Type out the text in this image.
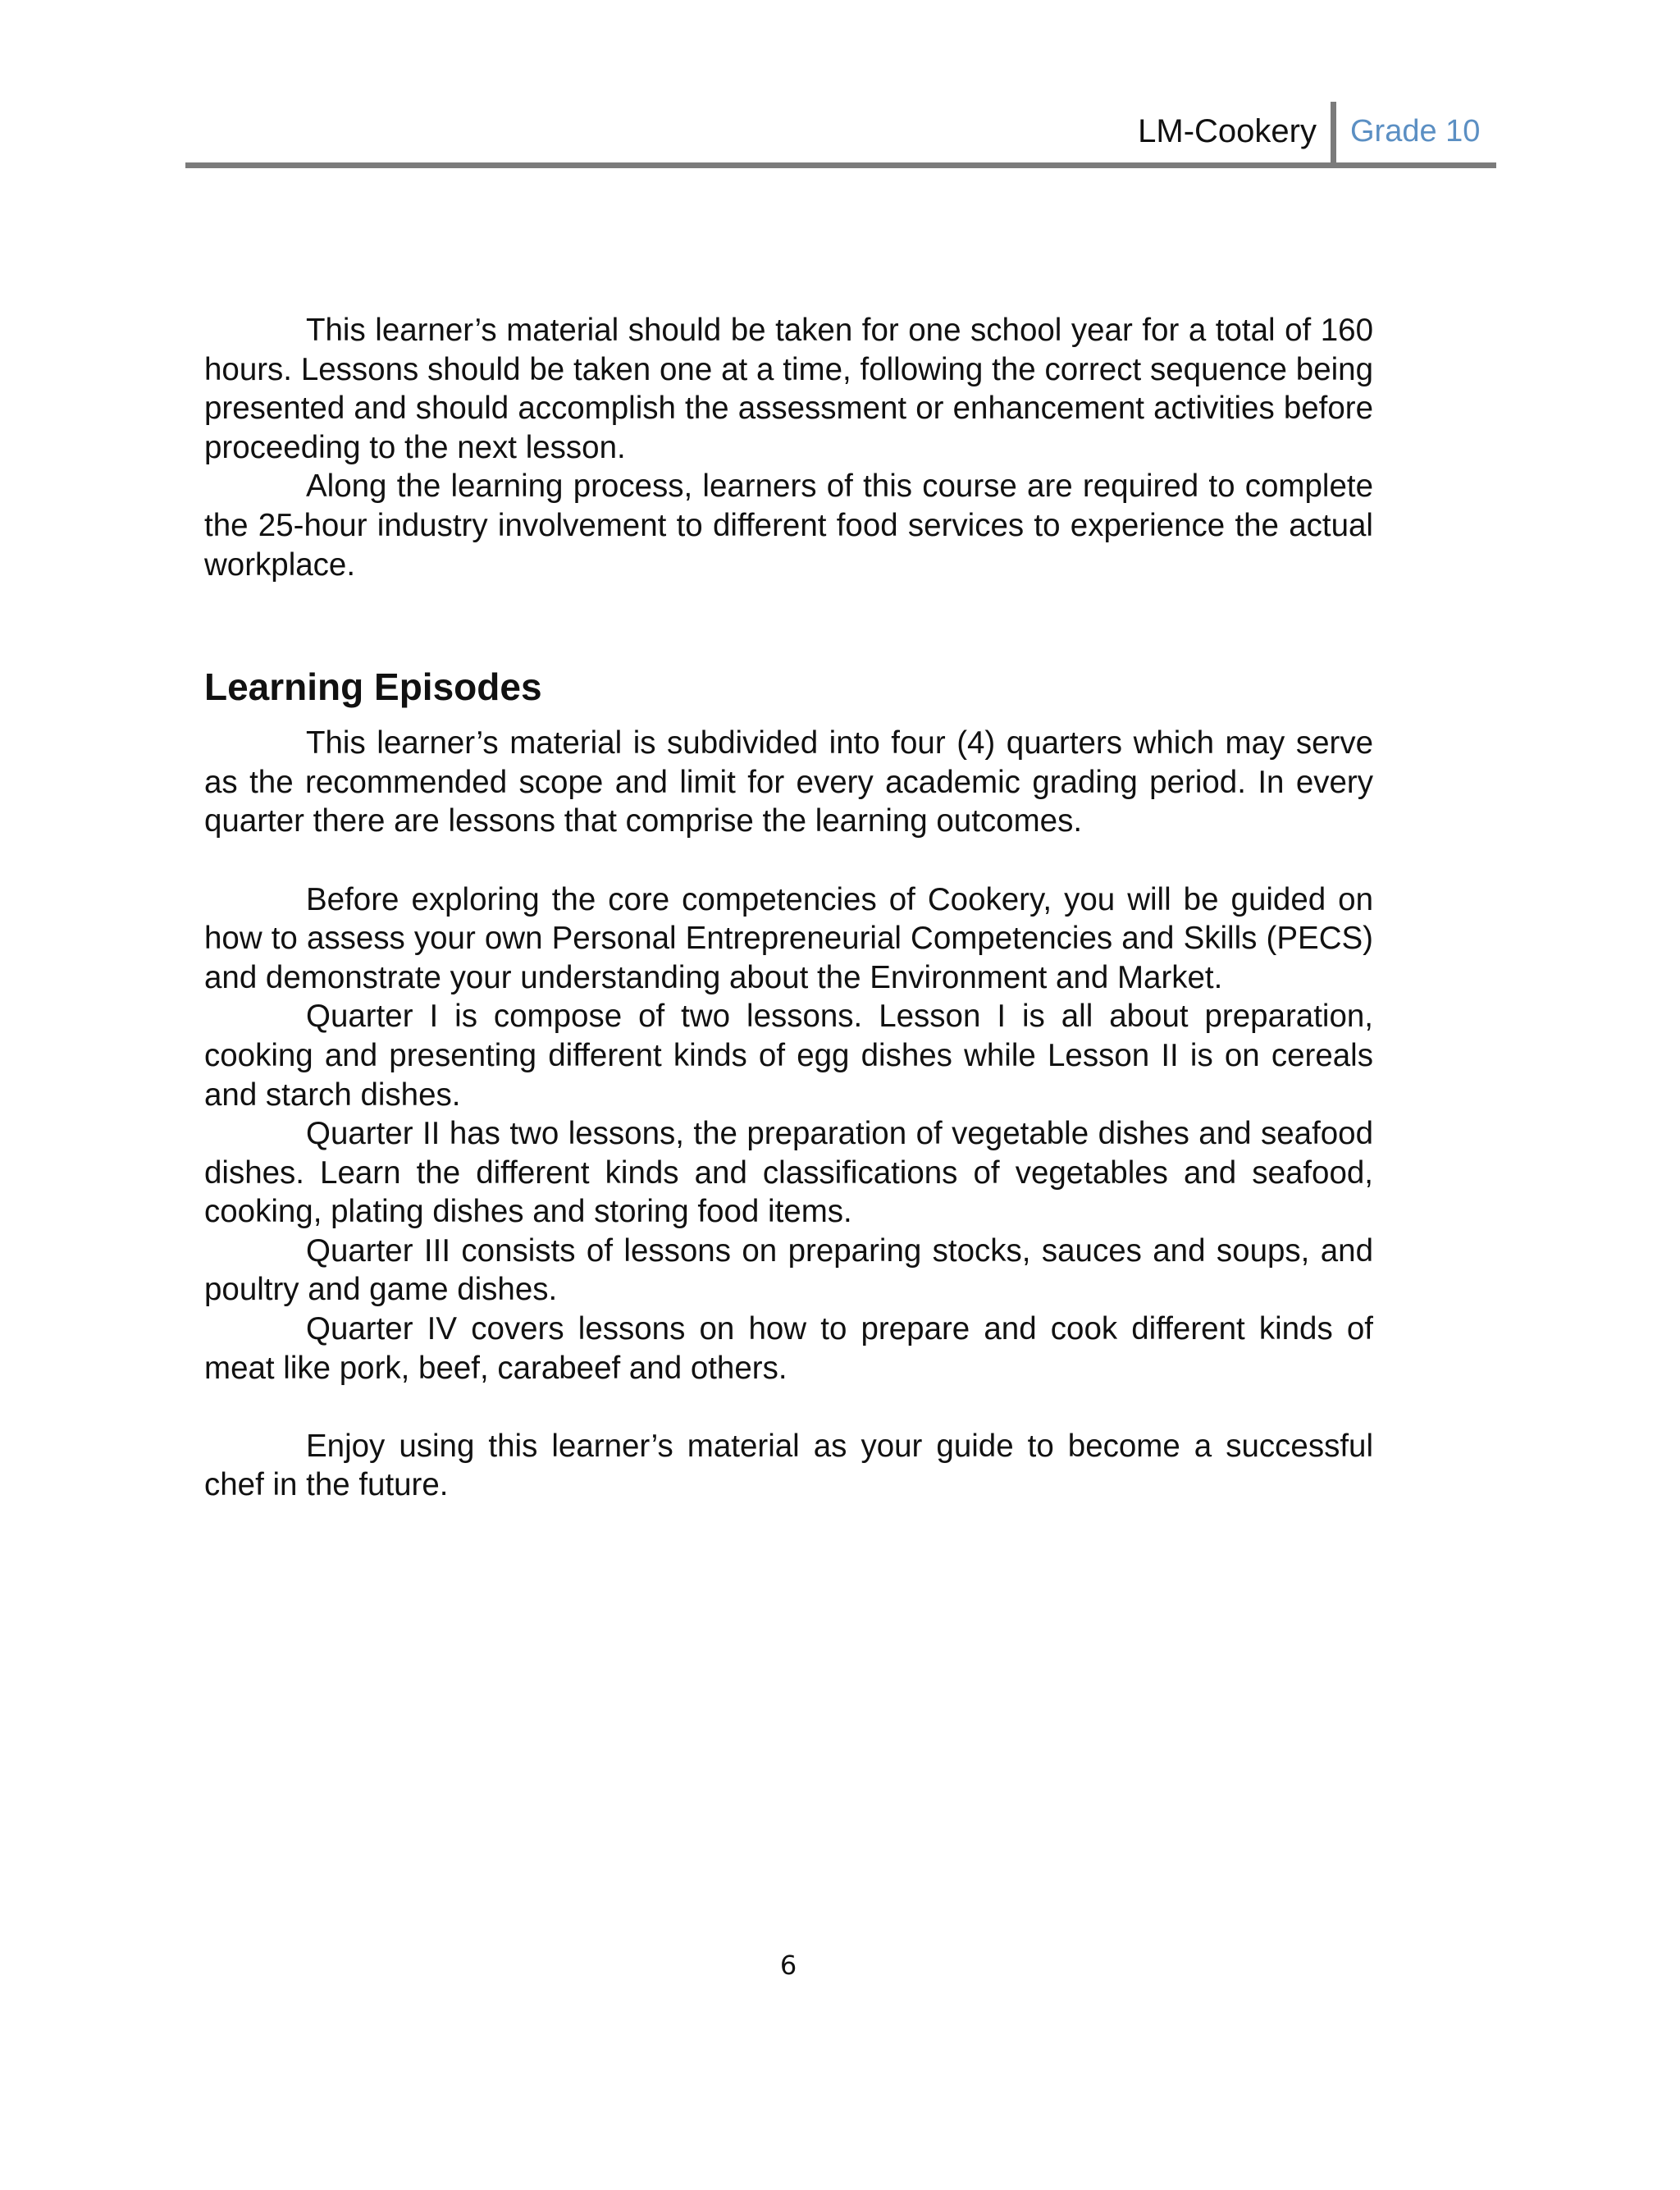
LM-Cookery Grade 10

This learner’s material should be taken for one school year for a total of 160 hours. Lessons should be taken one at a time, following the correct sequence being presented and should accomplish the assessment or enhancement activities before proceeding to the next lesson.

Along the learning process, learners of this course are required to complete the 25-hour industry involvement to different food services to experience the actual workplace.

Learning Episodes

This learner’s material is subdivided into four (4) quarters which may serve as the recommended scope and limit for every academic grading period. In every quarter there are lessons that comprise the learning outcomes.

Before exploring the core competencies of Cookery, you will be guided on how to assess your own Personal Entrepreneurial Competencies and Skills (PECS) and demonstrate your understanding about the Environment and Market.

Quarter I is compose of two lessons. Lesson I is all about preparation, cooking and presenting different kinds of egg dishes while Lesson II is on cereals and starch dishes.

Quarter II has two lessons, the preparation of vegetable dishes and seafood dishes. Learn the different kinds and classifications of vegetables and seafood, cooking, plating dishes and storing food items.

Quarter III consists of lessons on preparing stocks, sauces and soups, and poultry and game dishes.

Quarter IV covers lessons on how to prepare and cook different kinds of meat like pork, beef, carabeef and others.

Enjoy using this learner’s material as your guide to become a successful chef in the future.

6
